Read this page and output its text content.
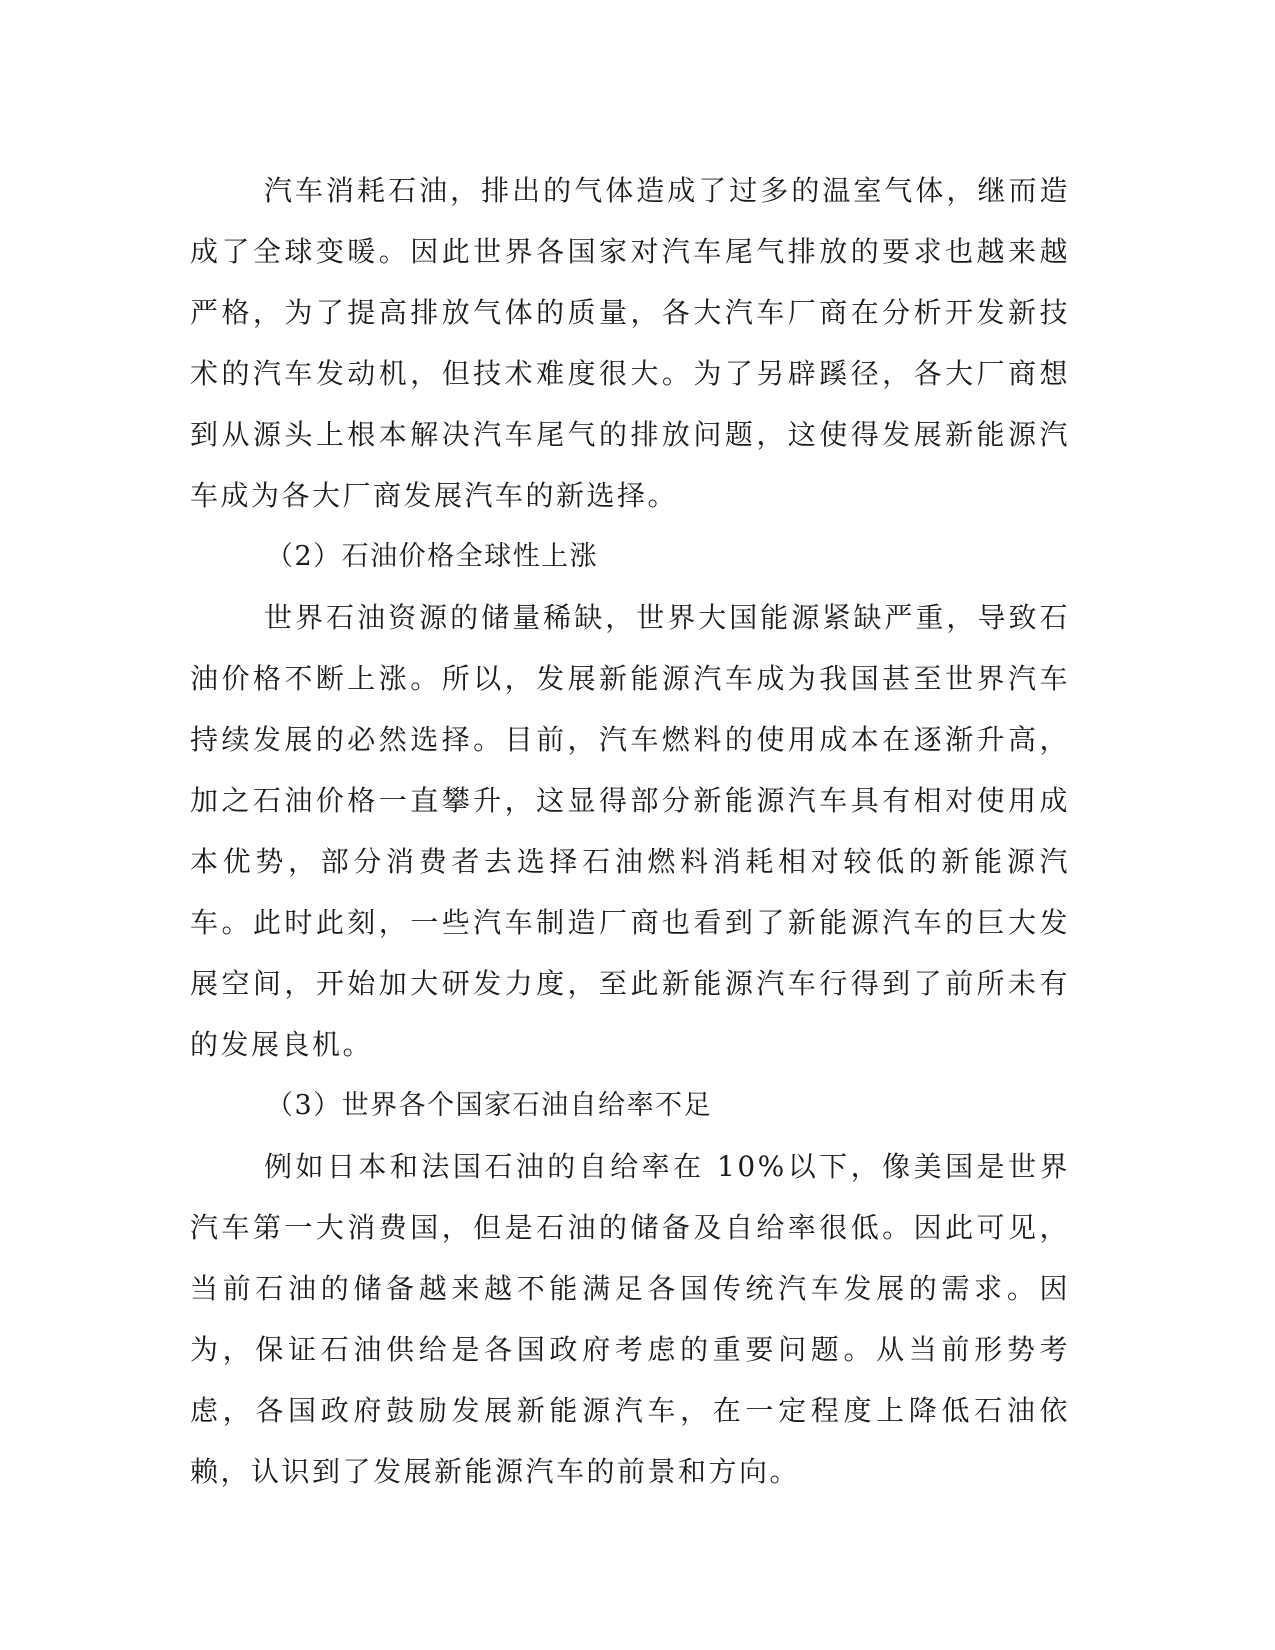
汽车消耗石油，排出的气体造成了过多的温室气体，继而造成了全球变暖。因此世界各国家对汽车尾气排放的要求也越来越严格，为了提高排放气体的质量，各大汽车厂商在分析开发新技术的汽车发动机，但技术难度很大。为了另辟蹊径，各大厂商想到从源头上根本解决汽车尾气的排放问题，这使得发展新能源汽车成为各大厂商发展汽车的新选择。

（2）石油价格全球性上涨

世界石油资源的储量稀缺，世界大国能源紧缺严重，导致石油价格不断上涨。所以，发展新能源汽车成为我国甚至世界汽车持续发展的必然选择。目前，汽车燃料的使用成本在逐渐升高，加之石油价格一直攀升，这显得部分新能源汽车具有相对使用成本优势，部分消费者去选择石油燃料消耗相对较低的新能源汽车。此时此刻，一些汽车制造厂商也看到了新能源汽车的巨大发展空间，开始加大研发力度，至此新能源汽车行得到了前所未有的发展良机。

（3）世界各个国家石油自给率不足

例如日本和法国石油的自给率在 10%以下，像美国是世界汽车第一大消费国，但是石油的储备及自给率很低。因此可见，当前石油的储备越来越不能满足各国传统汽车发展的需求。因为，保证石油供给是各国政府考虑的重要问题。从当前形势考虑，各国政府鼓励发展新能源汽车，在一定程度上降低石油依赖，认识到了发展新能源汽车的前景和方向。
